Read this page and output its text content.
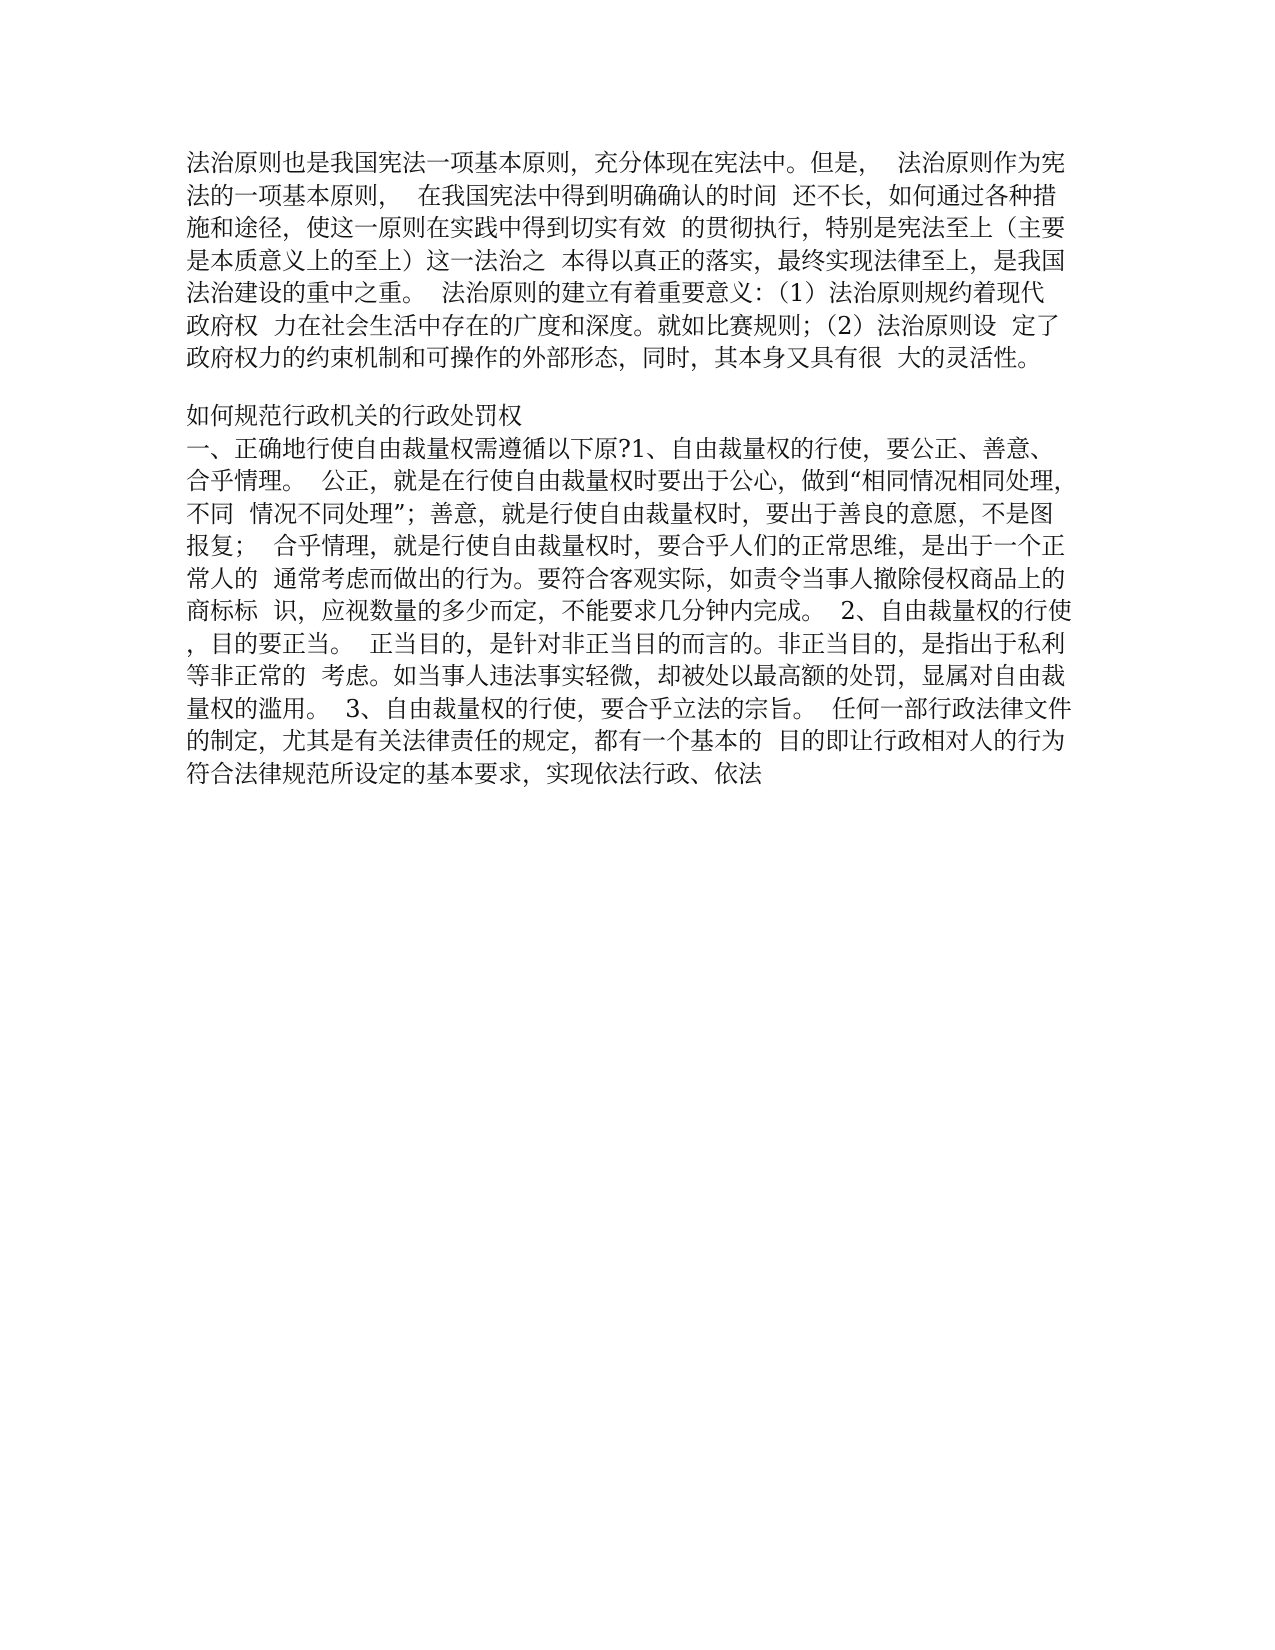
法治原则也是我国宪法一项基本原则，充分体现在宪法中。但是，  法治原则作为宪
法的一项基本原则，  在我国宪法中得到明确确认的时间  还不长，如何通过各种措
施和途径，使这一原则在实践中得到切实有效  的贯彻执行，特别是宪法至上（主要
是本质意义上的至上）这一法治之  本得以真正的落实，最终实现法律至上，是我国
法治建设的重中之重。  法治原则的建立有着重要意义：（1）法治原则规约着现代
政府权  力在社会生活中存在的广度和深度。就如比赛规则；（2）法治原则设  定了
政府权力的约束机制和可操作的外部形态，同时，其本身又具有很  大的灵活性。
如何规范行政机关的行政处罚权
一、正确地行使自由裁量权需遵循以下原?1、自由裁量权的行使，要公正、善意、
合乎情理。  公正，就是在行使自由裁量权时要出于公心，做到“相同情况相同处理，
不同  情况不同处理”；善意，就是行使自由裁量权时，要出于善良的意愿，不是图
报复；  合乎情理，就是行使自由裁量权时，要合乎人们的正常思维，是出于一个正
常人的  通常考虑而做出的行为。要符合客观实际，如责令当事人撤除侵权商品上的
商标标  识，应视数量的多少而定，不能要求几分钟内完成。  2、自由裁量权的行使
，目的要正当。  正当目的，是针对非正当目的而言的。非正当目的，是指出于私利
等非正常的  考虑。如当事人违法事实轻微，却被处以最高额的处罚，显属对自由裁
量权的滥用。  3、自由裁量权的行使，要合乎立法的宗旨。  任何一部行政法律文件
的制定，尤其是有关法律责任的规定，都有一个基本的  目的即让行政相对人的行为
符合法律规范所设定的基本要求，实现依法行政、依法
